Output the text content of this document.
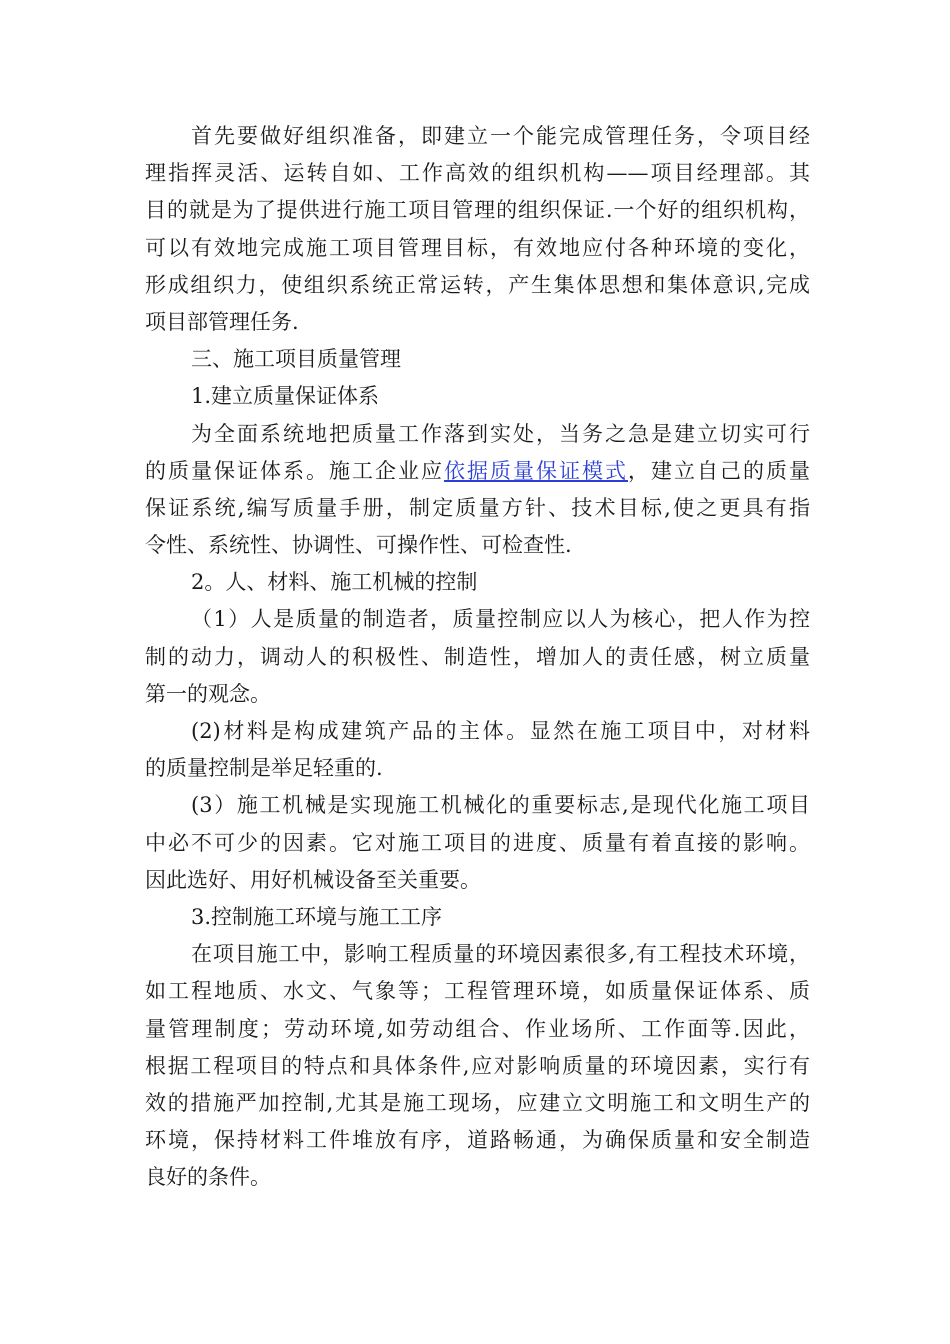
首先要做好组织准备，即建立一个能完成管理任务，令项目经
理指挥灵活、运转自如、工作高效的组织机构——项目经理部。其
目的就是为了提供进行施工项目管理的组织保证.一个好的组织机构，
可以有效地完成施工项目管理目标，有效地应付各种环境的变化，
形成组织力，使组织系统正常运转，产生集体思想和集体意识,完成
项目部管理任务.
三、施工项目质量管理
1.建立质量保证体系
为全面系统地把质量工作落到实处，当务之急是建立切实可行
的质量保证体系。施工企业应依据质量保证模式，建立自己的质量
保证系统,编写质量手册，制定质量方针、技术目标,使之更具有指
令性、系统性、协调性、可操作性、可检查性.
2。人、材料、施工机械的控制
（1）人是质量的制造者，质量控制应以人为核心，把人作为控
制的动力，调动人的积极性、制造性，增加人的责任感，树立质量
第一的观念。
(2)材料是构成建筑产品的主体。显然在施工项目中，对材料
的质量控制是举足轻重的.
(3）施工机械是实现施工机械化的重要标志,是现代化施工项目
中必不可少的因素。它对施工项目的进度、质量有着直接的影响。
因此选好、用好机械设备至关重要。
3.控制施工环境与施工工序
在项目施工中，影响工程质量的环境因素很多,有工程技术环境，
如工程地质、水文、气象等；工程管理环境，如质量保证体系、质
量管理制度；劳动环境,如劳动组合、作业场所、工作面等.因此，
根据工程项目的特点和具体条件,应对影响质量的环境因素，实行有
效的措施严加控制,尤其是施工现场，应建立文明施工和文明生产的
环境，保持材料工件堆放有序，道路畅通，为确保质量和安全制造
良好的条件。
